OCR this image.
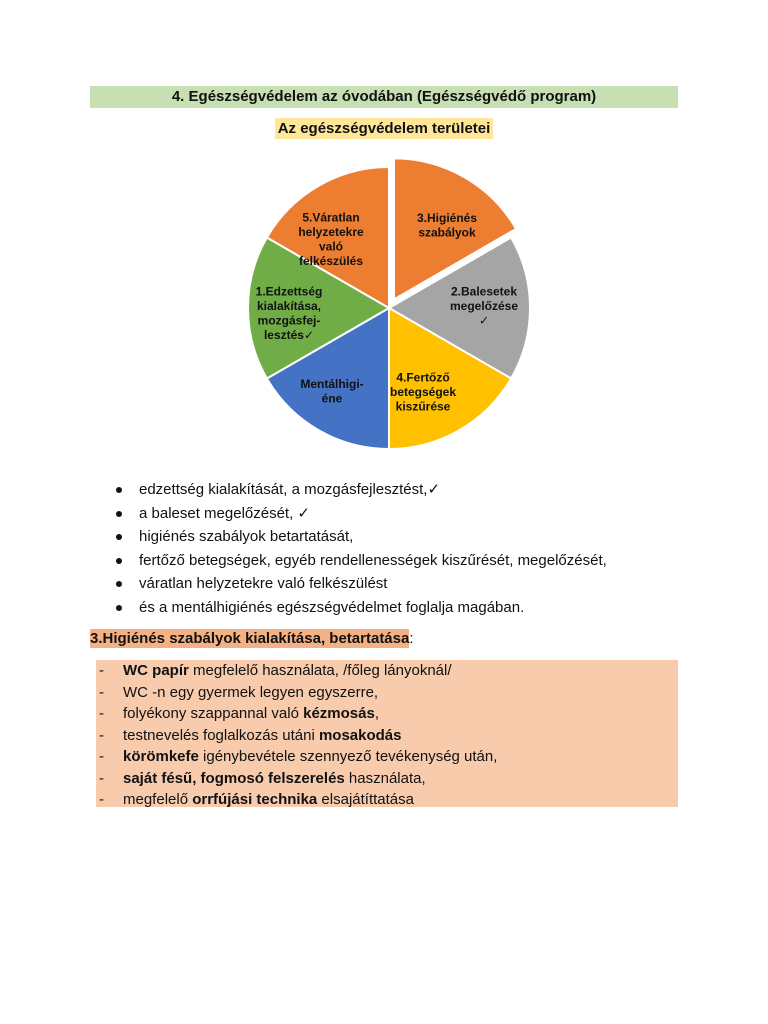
4. Egészségvédelem az óvodában (Egészségvédő program)
Az egészségvédelem területei
3.Higiénés
szabályok
2.Balesetek
megelőzése
✓
4.Fertőző
betegségek
kiszűrése
Mentálhigi-
éne
1.Edzettség
kialakítása,
mozgásfej-
lesztés✓
5.Váratlan
helyzetekre
való
felkészülés
edzettség kialakítását, a mozgásfejlesztést,✓
a baleset megelőzését, ✓
higiénés szabályok betartatását,
fertőző betegségek, egyéb rendellenességek kiszűrését, megelőzését,
váratlan helyzetekre való felkészülést
és a mentálhigiénés egészségvédelmet foglalja magában.
3.Higiénés szabályok kialakítása, betartatása:
- WC papír megfelelő használata, /főleg lányoknál/
- WC -n egy gyermek legyen egyszerre,
- folyékony szappannal való kézmosás,
- testnevelés foglalkozás utáni mosakodás
- körömkefe igénybevétele szennyező tevékenység után,
- saját fésű, fogmosó felszerelés használata,
- megfelelő orrfújási technika elsajátíttatása
